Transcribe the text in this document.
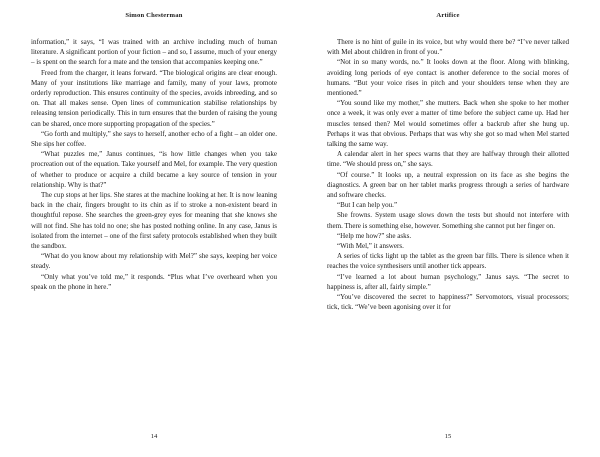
Simon Chesterman

information,” it says, “I was trained with an archive including much of human literature. A significant portion of your fiction – and so, I assume, much of your energy – is spent on the search for a mate and the tension that accompanies keeping one.”

Freed from the charger, it leans forward. “The biological origins are clear enough. Many of your institutions like marriage and family, many of your laws, promote orderly reproduction. This ensures continuity of the species, avoids inbreeding, and so on. That all makes sense. Open lines of communication stabilise relationships by releasing tension periodically. This in turn ensures that the burden of raising the young can be shared, once more supporting propagation of the species.”

“Go forth and multiply,” she says to herself, another echo of a fight – an older one. She sips her coffee.

“What puzzles me,” Janus continues, “is how little changes when you take procreation out of the equation. Take yourself and Mel, for example. The very question of whether to produce or acquire a child became a key source of tension in your relationship. Why is that?”

The cup stops at her lips. She stares at the machine looking at her. It is now leaning back in the chair, fingers brought to its chin as if to stroke a non-existent beard in thoughtful repose. She searches the green-grey eyes for meaning that she knows she will not find. She has told no one; she has posted nothing online. In any case, Janus is isolated from the internet – one of the first safety protocols established when they built the sandbox.

“What do you know about my relationship with Mel?” she says, keeping her voice steady.

“Only what you’ve told me,” it responds. “Plus what I’ve overheard when you speak on the phone in here.”

14
Artifice

There is no hint of guile in its voice, but why would there be? “I’ve never talked with Mel about children in front of you.”

“Not in so many words, no.” It looks down at the floor. Along with blinking, avoiding long periods of eye contact is another deference to the social mores of humans. “But your voice rises in pitch and your shoulders tense when they are mentioned.”

“You sound like my mother,” she mutters. Back when she spoke to her mother once a week, it was only ever a matter of time before the subject came up. Had her muscles tensed then? Mel would sometimes offer a backrub after she hung up. Perhaps it was that obvious. Perhaps that was why she got so mad when Mel started talking the same way.

A calendar alert in her specs warns that they are halfway through their allotted time. “We should press on,” she says.

“Of course.” It looks up, a neutral expression on its face as she begins the diagnostics. A green bar on her tablet marks progress through a series of hardware and software checks.

“But I can help you.”

She frowns. System usage slows down the tests but should not interfere with them. There is something else, however. Something she cannot put her finger on.

“Help me how?” she asks.

“With Mel,” it answers.

A series of ticks light up the tablet as the green bar fills. There is silence when it reaches the voice synthesisers until another tick appears.

“I’ve learned a lot about human psychology,” Janus says. “The secret to happiness is, after all, fairly simple.”

“You’ve discovered the secret to happiness?” Servomotors, visual processors; tick, tick. “We’ve been agonising over it for

15
